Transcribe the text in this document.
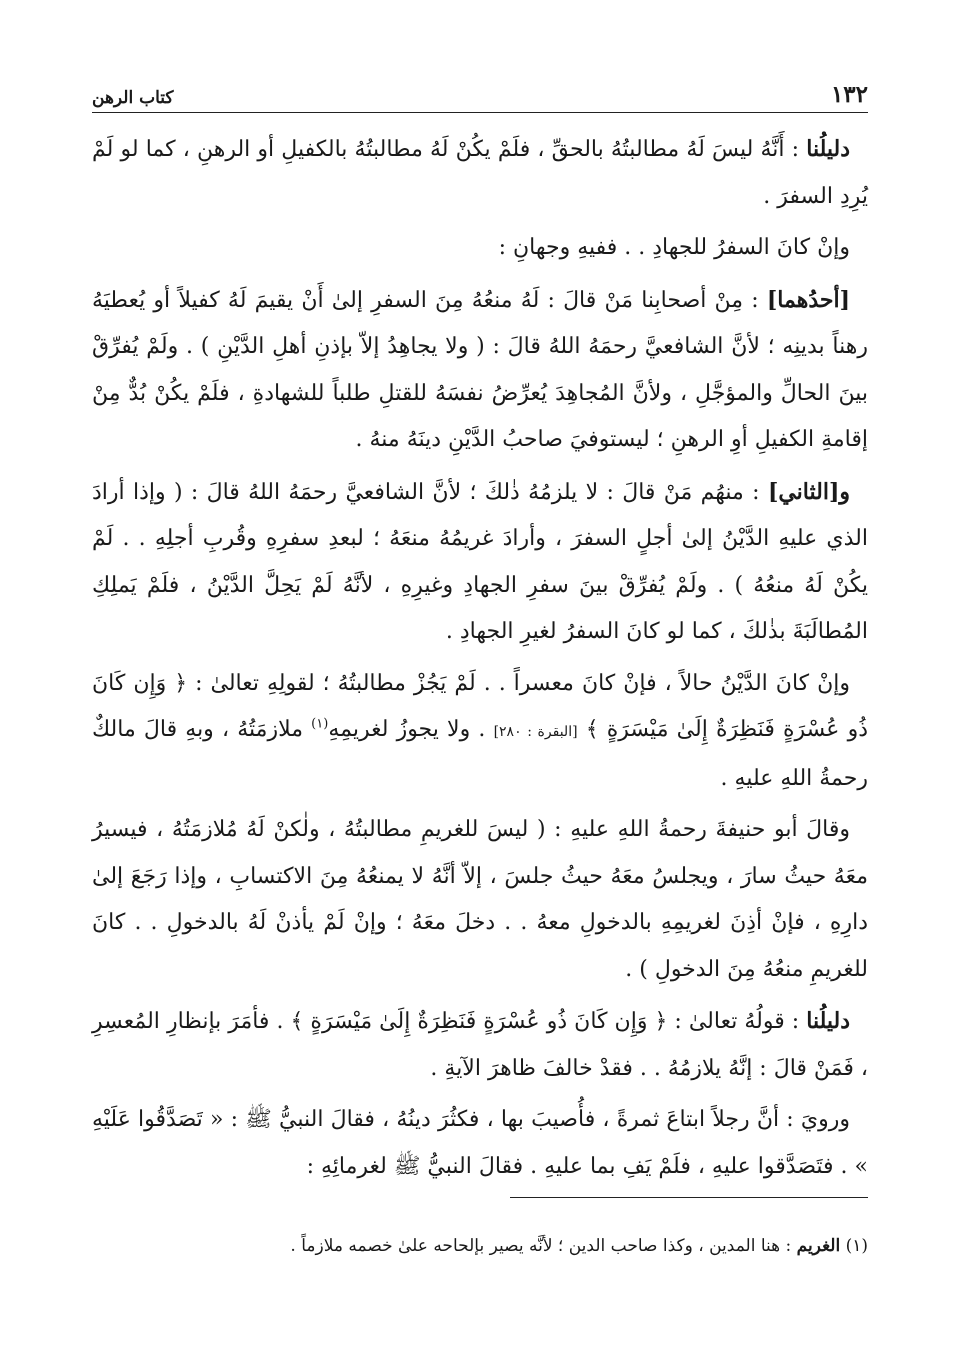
١٣٢
كتاب الرهن

دليلُنا : أَنَّهُ ليسَ لَهُ مطالبتُهُ بالحقِّ ، فلَمْ يكُنْ لَهُ مطالبتُهُ بالكفيلِ أو الرهنِ ، كما لو لَمْ يُرِدِ السفرَ .

وإنْ كانَ السفرُ للجهادِ . . ففيهِ وجهانِ :

[أحدُهما] : مِنْ أصحابِنا مَنْ قالَ : لَهُ منعُهُ مِنَ السفرِ إلىٰ أَنْ يقيمَ لَهُ كفيلاً أو يُعطيَهُ رهناً بدينِه ؛ لأنَّ الشافعيَّ رحمَهُ اللهُ قالَ : ( ولا يجاهِدُ إلاّ بإذنِ أهلِ الدَّيْنِ ) . ولَمْ يُفرِّقْ بينَ الحالِّ والمؤجَّلِ ، ولأنَّ المُجاهِدَ يُعرِّضُ نفسَهُ للقتلِ طلباً للشهادةِ ، فلَمْ يكُنْ بُدٌّ مِنْ إقامةِ الكفيلِ أوِ الرهنِ ؛ ليستوفيَ صاحبُ الدَّيْنِ دينَهُ منهُ .

و[الثاني] : منهُم مَنْ قالَ : لا يلزمُهُ ذٰلكَ ؛ لأنَّ الشافعيَّ رحمَهُ اللهُ قالَ : ( وإذا أرادَ الذي عليهِ الدَّيْنُ إلىٰ أجلٍ السفرَ ، وأرادَ غريمُهُ منعَهُ ؛ لبعدِ سفرِهِ وقُربِ أجلِهِ . . لَمْ يكُنْ لَهُ منعُهُ ) . ولَمْ يُفرِّقْ بينَ سفرِ الجهادِ وغيرِهِ ، لأنَّهُ لَمْ يَحِلَّ الدَّيْنُ ، فلَمْ يَملِكِ المُطالَبَةَ بذٰلكَ ، كما لو كانَ السفرُ لغيرِ الجهادِ .

وإنْ كانَ الدَّيْنُ حالاً ، فإنْ كانَ معسراً . . لَمْ يَجُزْ مطالبتُهُ ؛ لقولِهِ تعالىٰ : ﴿ وَإِن كَانَ ذُو عُسْرَةٍ فَنَظِرَةٌ إِلَىٰ مَيْسَرَةٍ ﴾ [البقرة : ٢٨٠] . ولا يجوزُ لغريمِهِ$^{(١)}$ ملازمَتُهُ ، وبهِ قالَ مالكٌ رحمةُ اللهِ عليهِ .

وقالَ أبو حنيفةَ رحمةُ اللهِ عليهِ : ( ليسَ للغريمِ مطالبتُهُ ، ولٰكنْ لَهُ مُلازمَتُهُ ، فيسيرُ معَهُ حيثُ سارَ ، ويجلسُ معَهُ حيثُ جلسَ ، إلاّ أنَّهُ لا يمنعُهُ مِنَ الاكتسابِ ، وإذا رَجَعَ إلىٰ دارِهِ ، فإنْ أذِنَ لغريمِهِ بالدخولِ معهُ . . دخلَ معَهُ ؛ وإنْ لَمْ يأذنْ لَهُ بالدخولِ . . كانَ للغريمِ منعُهُ مِنَ الدخولِ ) .

دليلُنا : قولُهُ تعالىٰ : ﴿ وَإِن كَانَ ذُو عُسْرَةٍ فَنَظِرَةٌ إِلَىٰ مَيْسَرَةٍ ﴾ . فأمَرَ بإنظارِ المُعسِرِ ، فَمَنْ قالَ : إنَّهُ يلازمُهُ . . فقدْ خالفَ ظاهرَ الآيةِ .

ورويَ : أنَّ رجلاً ابتاعَ ثمرةً ، فأُصيبَ بها ، فكثُرَ دينُهُ ، فقالَ النبيُّ ﷺ : « تَصَدَّقُوا عَلَيْهِ » . فتَصَدَّقوا عليهِ ، فلَمْ يَفِ بما عليهِ . فقالَ النبيُّ ﷺ لغرمائِهِ :

(١) الغريم : هنا المدين ، وكذا صاحب الدين ؛ لأنَّه يصير بإلحاحه علىٰ خصمه ملازماً .
